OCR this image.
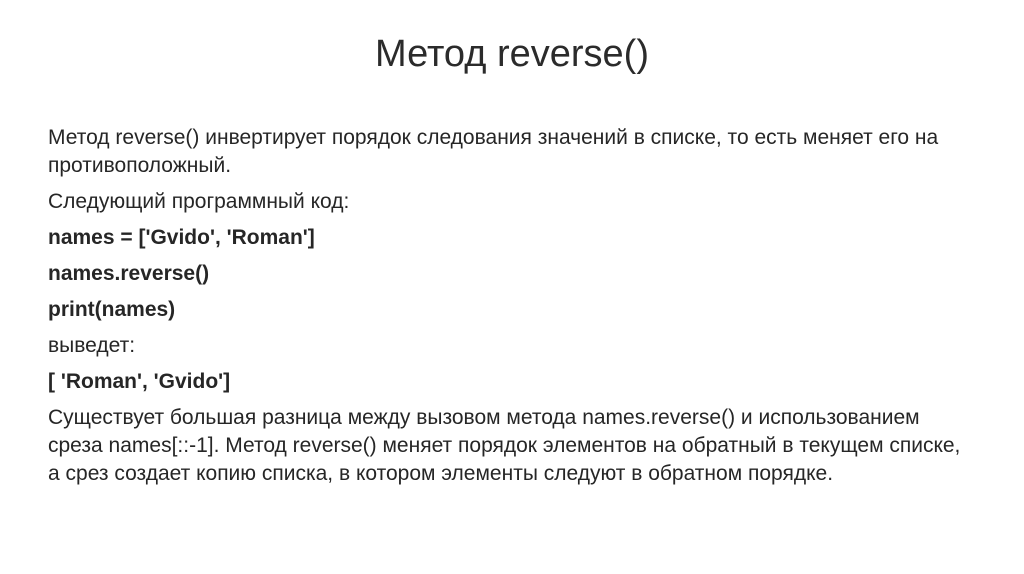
Метод reverse()

Метод reverse() инвертирует порядок следования значений в списке, то есть меняет его на противоположный.

Следующий программный код:

names = ['Gvido', 'Roman']

names.reverse()

print(names)

выведет:

[ 'Roman', 'Gvido']

Существует большая разница между вызовом метода names.reverse() и использованием среза names[::-1]. Метод reverse() меняет порядок элементов на обратный в текущем списке, а срез создает копию списка, в котором элементы следуют в обратном порядке.
